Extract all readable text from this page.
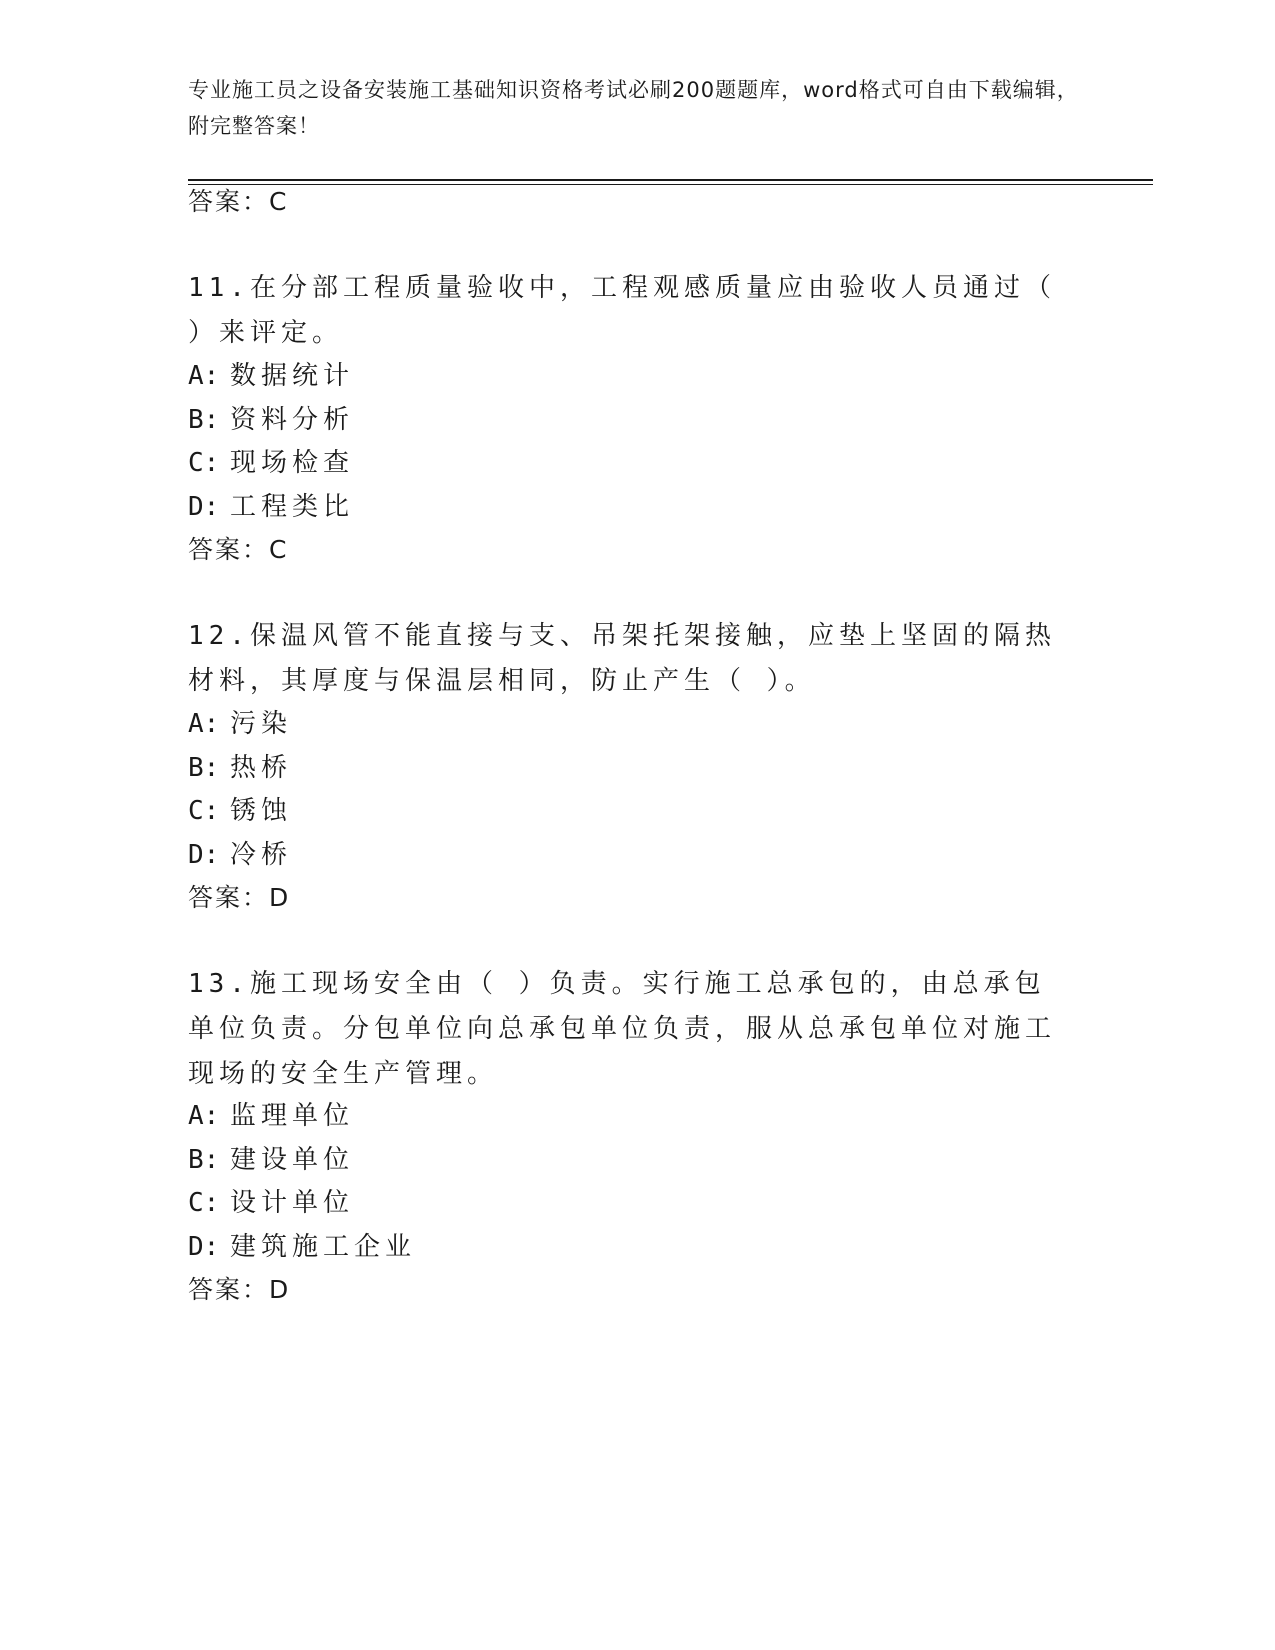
专业施工员之设备安装施工基础知识资格考试必刷200题题库，word格式可自由下载编辑，附完整答案！
答案：C
11.在分部工程质量验收中，工程观感质量应由验收人员通过（ ）来评定。
A: 数据统计
B: 资料分析
C: 现场检查
D: 工程类比
答案：C
12.保温风管不能直接与支、吊架托架接触，应垫上坚固的隔热材料，其厚度与保温层相同，防止产生（ ）。
A: 污染
B: 热桥
C: 锈蚀
D: 冷桥
答案：D
13.施工现场安全由（ ）负责。实行施工总承包的，由总承包单位负责。分包单位向总承包单位负责，服从总承包单位对施工现场的安全生产管理。
A: 监理单位
B: 建设单位
C: 设计单位
D: 建筑施工企业
答案：D
